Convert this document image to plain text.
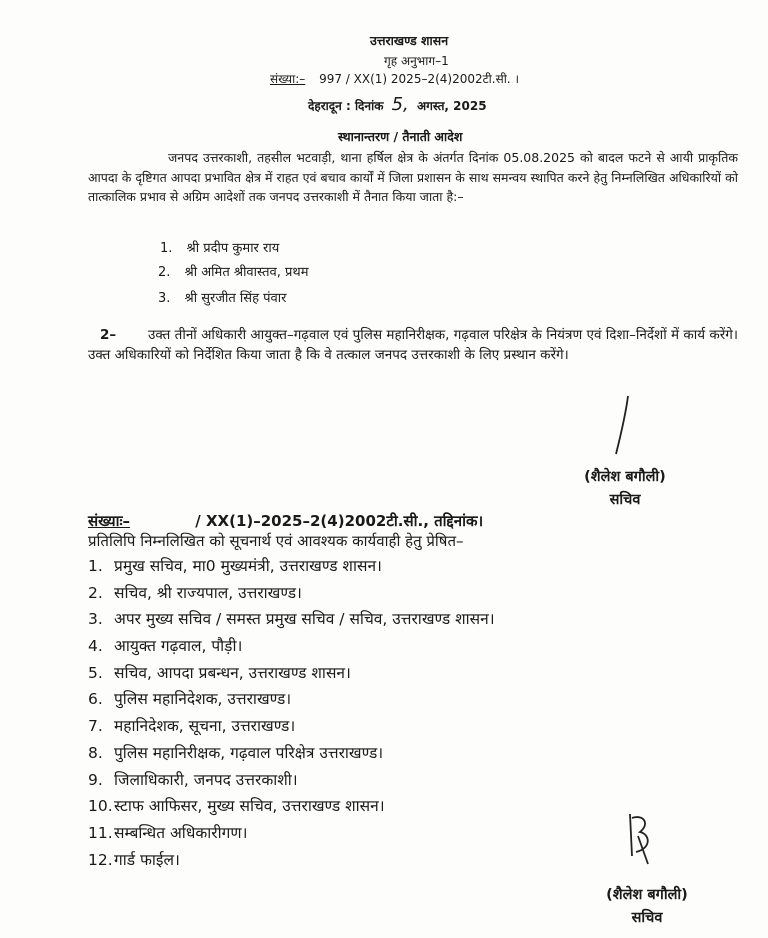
उत्तराखण्ड शासन
गृह अनुभाग–1
संख्या:– 997 / XX(1) 2025–2(4)2002टी.सी. ।
देहरादून : दिनांक 5, अगस्त, 2025
स्थानान्तरण / तैनाती आदेश
जनपद उत्तरकाशी, तहसील भटवाड़ी, थाना हर्षिल क्षेत्र के अंतर्गत दिनांक 05.08.2025 को बादल फटने से आयी प्राकृतिक आपदा के दृष्टिगत आपदा प्रभावित क्षेत्र में राहत एवं बचाव कार्यों में जिला प्रशासन के साथ समन्वय स्थापित करने हेतु निम्नलिखित अधिकारियों को तात्कालिक प्रभाव से अग्रिम आदेशों तक जनपद उत्तरकाशी में तैनात किया जाता है:–
1. श्री प्रदीप कुमार राय
2. श्री अमित श्रीवास्तव, प्रथम
3. श्री सुरजीत सिंह पंवार
2–	उक्त तीनों अधिकारी आयुक्त–गढ़वाल एवं पुलिस महानिरीक्षक, गढ़वाल परिक्षेत्र के नियंत्रण एवं दिशा–निर्देशों में कार्य करेंगे। उक्त अधिकारियों को निर्देशित किया जाता है कि वे तत्काल जनपद उत्तरकाशी के लिए प्रस्थान करेंगे।
(शैलेश बगौली)
सचिव
संख्याः–	/ XX(1)–2025–2(4)2002टी.सी., तद्दिनांक।
प्रतिलिपि निम्नलिखित को सूचनार्थ एवं आवश्यक कार्यवाही हेतु प्रेषित–
1. प्रमुख सचिव, मा0 मुख्यमंत्री, उत्तराखण्ड शासन।
2. सचिव, श्री राज्यपाल, उत्तराखण्ड।
3. अपर मुख्य सचिव / समस्त प्रमुख सचिव / सचिव, उत्तराखण्ड शासन।
4. आयुक्त गढ़वाल, पौड़ी।
5. सचिव, आपदा प्रबन्धन, उत्तराखण्ड शासन।
6. पुलिस महानिदेशक, उत्तराखण्ड।
7. महानिदेशक, सूचना, उत्तराखण्ड।
8. पुलिस महानिरीक्षक, गढ़वाल परिक्षेत्र उत्तराखण्ड।
9. जिलाधिकारी, जनपद उत्तरकाशी।
10.स्टाफ आफिसर, मुख्य सचिव, उत्तराखण्ड शासन।
11.सम्बन्धित अधिकारीगण।
12.गार्ड फाईल।
(शैलेश बगौली)
सचिव
